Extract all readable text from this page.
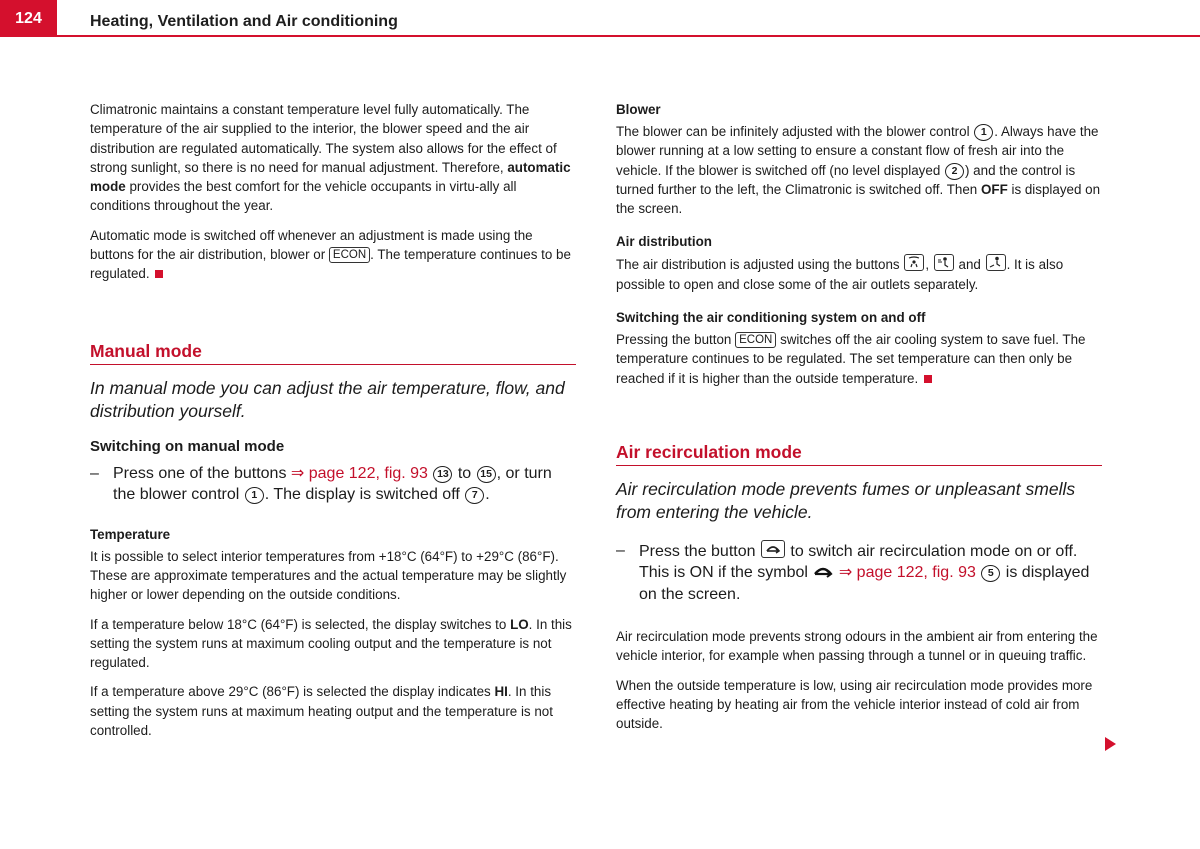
124	Heating, Ventilation and Air conditioning

Climatronic maintains a constant temperature level fully automatically. The temperature of the air supplied to the interior, the blower speed and the air distribution are regulated automatically. The system also allows for the effect of strong sunlight, so there is no need for manual adjustment. Therefore, automatic mode provides the best comfort for the vehicle occupants in virtu-ally all conditions throughout the year.

Automatic mode is switched off whenever an adjustment is made using the buttons for the air distribution, blower or ECON . The temperature continues to be regulated.

Manual mode

In manual mode you can adjust the air temperature, flow, and distribution yourself.

Switching on manual mode

– Press one of the buttons ⇒ page 122, fig. 93 13 to 15 , or turn the blower control 1 . The display is switched off 7 .

Temperature

It is possible to select interior temperatures from +18°C (64°F) to +29°C (86°F). These are approximate temperatures and the actual temperature may be slightly higher or lower depending on the outside conditions.

If a temperature below 18°C (64°F) is selected, the display switches to LO. In this setting the system runs at maximum cooling output and the temperature is not regulated.

If a temperature above 29°C (86°F) is selected the display indicates HI. In this setting the system runs at maximum heating output and the temperature is not controlled.

Blower

The blower can be infinitely adjusted with the blower control 1 . Always have the blower running at a low setting to ensure a constant flow of fresh air into the vehicle. If the blower is switched off (no level displayed 2 ) and the control is turned further to the left, the Climatronic is switched off. Then OFF is displayed on the screen.

Air distribution

The air distribution is adjusted using the buttons
,
and
. It is also possible to open and close some of the air outlets separately.

Switching the air conditioning system on and off

Pressing the button ECON switches off the air cooling system to save fuel. The temperature continues to be regulated. The set temperature can then only be reached if it is higher than the outside temperature.

Air recirculation mode

Air recirculation mode prevents fumes or unpleasant smells from entering the vehicle.

– Press the button
to switch air recirculation mode on or off. This is ON if the symbol  ⇒ page 122, fig. 93 5 is displayed on the screen.

Air recirculation mode prevents strong odours in the ambient air from entering the vehicle interior, for example when passing through a tunnel or in queuing traffic.

When the outside temperature is low, using air recirculation mode provides more effective heating by heating air from the vehicle interior instead of cold air from outside.
